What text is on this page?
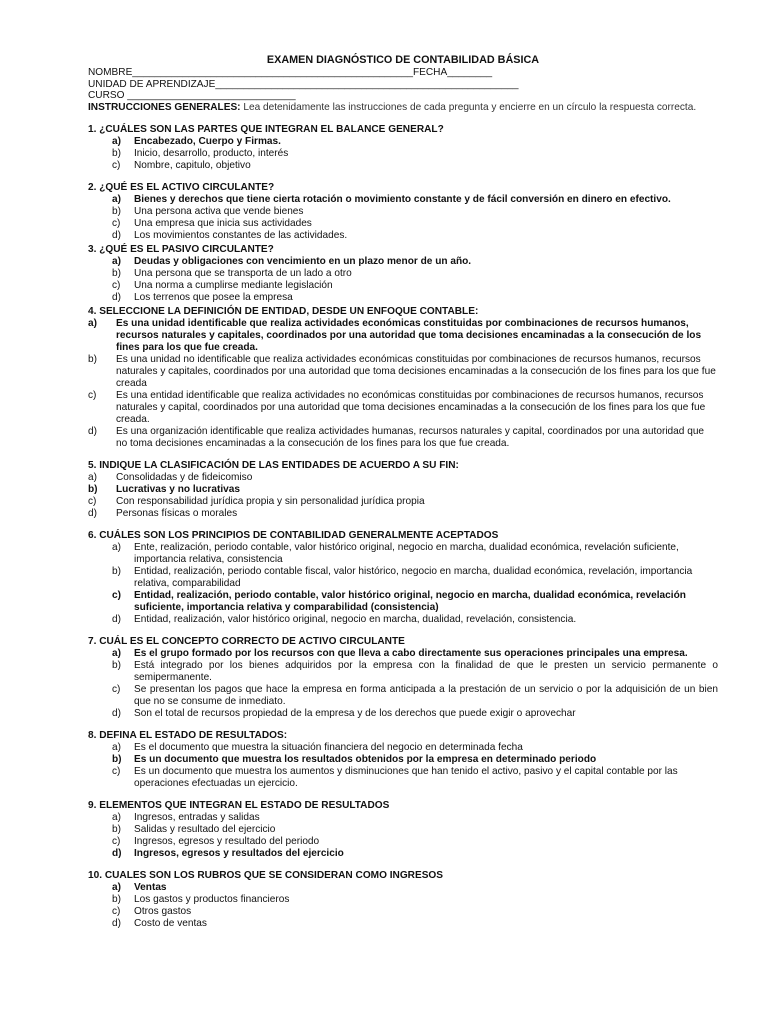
EXAMEN DIAGNÓSTICO DE CONTABILIDAD BÁSICA
NOMBRE__________________________________________________FECHA________
UNIDAD DE APRENDIZAJE______________________________________________________
CURSO ______________________________
INSTRUCCIONES GENERALES: Lea detenidamente las instrucciones de cada pregunta y encierre en un círculo la respuesta correcta.
1. ¿CUÁLES SON LAS PARTES QUE INTEGRAN EL BALANCE GENERAL?
a)	Encabezado, Cuerpo y Firmas.
b)	Inicio, desarrollo, producto, interés
c)	Nombre, capitulo, objetivo
2. ¿QUÉ ES EL ACTIVO CIRCULANTE?
a)	Bienes y derechos que tiene cierta rotación o movimiento constante y de fácil conversión en dinero en efectivo.
b)	Una persona activa que vende bienes
c)	Una empresa que inicia sus actividades
d)	Los movimientos constantes de las actividades.
3. ¿QUÉ ES EL PASIVO CIRCULANTE?
a)	Deudas y obligaciones con vencimiento en un plazo menor de un año.
b)	Una persona que se transporta de un lado a otro
c)	Una norma a cumplirse mediante legislación
d)	Los terrenos que posee la empresa
4. SELECCIONE LA DEFINICIÓN DE ENTIDAD, DESDE UN ENFOQUE CONTABLE:
a)	Es una unidad identificable que realiza actividades económicas constituidas por combinaciones de recursos humanos, recursos naturales y capitales, coordinados por una autoridad que toma decisiones encaminadas a la consecución de los fines para los que fue creada.
b)	Es una unidad no identificable que realiza actividades económicas constituidas por combinaciones de recursos humanos, recursos naturales y capitales, coordinados por una autoridad que toma decisiones encaminadas a la consecución de los fines para los que fue creada
c)	Es una entidad identificable que realiza actividades no económicas constituidas por combinaciones de recursos humanos, recursos naturales y capital, coordinados por una autoridad que toma decisiones encaminadas a la consecución de los fines para los que fue creada.
d)	Es una organización identificable que realiza actividades humanas, recursos naturales y capital, coordinados por una autoridad que no toma decisiones encaminadas a la consecución de los fines para los que fue creada.
5. INDIQUE LA CLASIFICACIÓN DE LAS ENTIDADES DE ACUERDO A SU FIN:
a)	Consolidadas y de fideicomiso
b)	Lucrativas y no lucrativas
c)	Con responsabilidad jurídica propia y sin personalidad jurídica propia
d)	Personas físicas o morales
6. CUÁLES SON LOS PRINCIPIOS DE CONTABILIDAD GENERALMENTE ACEPTADOS
a)	Ente, realización, periodo contable, valor histórico original, negocio en marcha, dualidad económica, revelación suficiente, importancia relativa, consistencia
b)	Entidad, realización, periodo contable fiscal, valor histórico, negocio en marcha, dualidad económica, revelación, importancia relativa, comparabilidad
c)	Entidad, realización, periodo contable, valor histórico original, negocio en marcha, dualidad económica, revelación suficiente, importancia relativa y comparabilidad (consistencia)
d)	Entidad, realización, valor histórico original, negocio en marcha, dualidad, revelación, consistencia.
7. CUÁL ES EL CONCEPTO CORRECTO DE ACTIVO CIRCULANTE
a)	Es el grupo formado por los recursos con que lleva a cabo directamente sus operaciones principales una empresa.
b)	Está integrado por los bienes adquiridos por la empresa con la finalidad de que le presten un servicio permanente o semipermanente.
c)	Se presentan los pagos que hace la empresa en forma anticipada a la prestación de un servicio o por la adquisición de un bien que no se consume de inmediato.
d)	Son el total de recursos propiedad de la empresa y de los derechos que puede exigir o aprovechar
8. DEFINA EL ESTADO DE RESULTADOS:
a)	Es el documento que muestra la situación financiera del negocio en determinada fecha
b)	Es un documento que muestra los resultados obtenidos por la empresa en determinado periodo
c)	Es un documento que muestra los aumentos y disminuciones que han tenido el activo, pasivo y el capital contable por las operaciones efectuadas un ejercicio.
9. ELEMENTOS QUE INTEGRAN EL ESTADO DE RESULTADOS
a)	Ingresos, entradas y salidas
b)	Salidas y resultado del ejercicio
c)	Ingresos, egresos y resultado del periodo
d)	Ingresos, egresos y resultados del ejercicio
10. CUALES SON LOS RUBROS QUE SE CONSIDERAN COMO INGRESOS
a)	Ventas
b)	Los gastos y productos financieros
c)	Otros gastos
d)	Costo de ventas
